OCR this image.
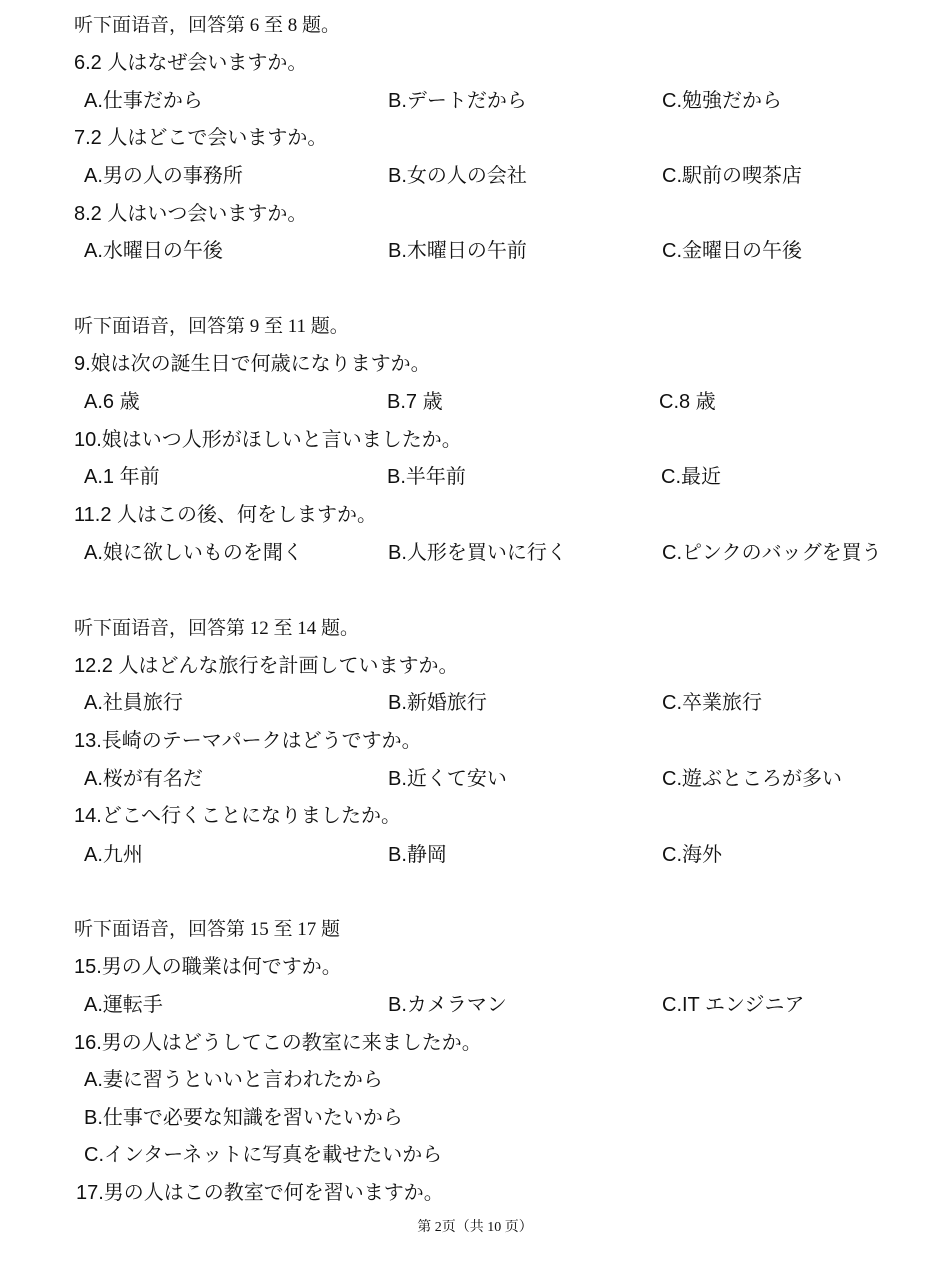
听下面语音，回答第 6 至 8 题。
6.2 人はなぜ会いますか。
A.仕事だから	B.デートだから	C.勉強だから
7.2 人はどこで会いますか。
A.男の人の事務所	B.女の人の会社	C.駅前の喫茶店
8.2 人はいつ会いますか。
A.水曜日の午後	B.木曜日の午前	C.金曜日の午後
听下面语音，回答第 9 至 11 题。
9.娘は次の誕生日で何歳になりますか。
A.6 歳	B.7 歳	C.8 歳
10.娘はいつ人形がほしいと言いましたか。
A.1 年前	B.半年前	C.最近
11.2 人はこの後、何をしますか。
A.娘に欲しいものを聞く	B.人形を買いに行く	C.ピンクのバッグを買う
听下面语音，回答第 12 至 14 题。
12.2 人はどんな旅行を計画していますか。
A.社員旅行	B.新婚旅行	C.卒業旅行
13.長崎のテーマパークはどうですか。
A.桜が有名だ	B.近くて安い	C.遊ぶところが多い
14.どこへ行くことになりましたか。
A.九州	B.静岡	C.海外
听下面语音，回答第 15 至 17 题
15.男の人の職業は何ですか。
A.運転手	B.カメラマン	C.IT エンジニア
16.男の人はどうしてこの教室に来ましたか。
A.妻に習うといいと言われたから
B.仕事で必要な知識を習いたいから
C.インターネットに写真を載せたいから
17.男の人はこの教室で何を習いますか。
第 2页（共 10 页）
